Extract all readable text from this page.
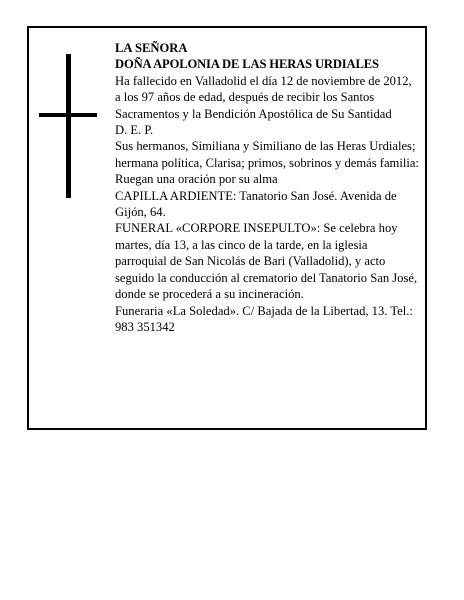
LA SEÑORA
DOÑA APOLONIA DE LAS HERAS URDIALES
Ha fallecido en Valladolid el día 12 de noviembre de 2012, a los 97 años de edad, después de recibir los Santos Sacramentos y la Bendición Apostólica de Su Santidad
D. E. P.
Sus hermanos, Similiana y Similiano de las Heras Urdiales; hermana política, Clarisa; primos, sobrinos y demás familia:
Ruegan una oración por su alma
CAPILLA ARDIENTE: Tanatorio San José. Avenida de Gijón, 64.
FUNERAL «CORPORE INSEPULTO»: Se celebra hoy martes, día 13, a las cinco de la tarde, en la iglesia parroquial de San Nicolás de Bari (Valladolid), y acto seguido la conducción al crematorio del Tanatorio San José, donde se procederá a su incineración.
Funeraria «La Soledad». C/ Bajada de la Libertad, 13. Tel.: 983 351342
